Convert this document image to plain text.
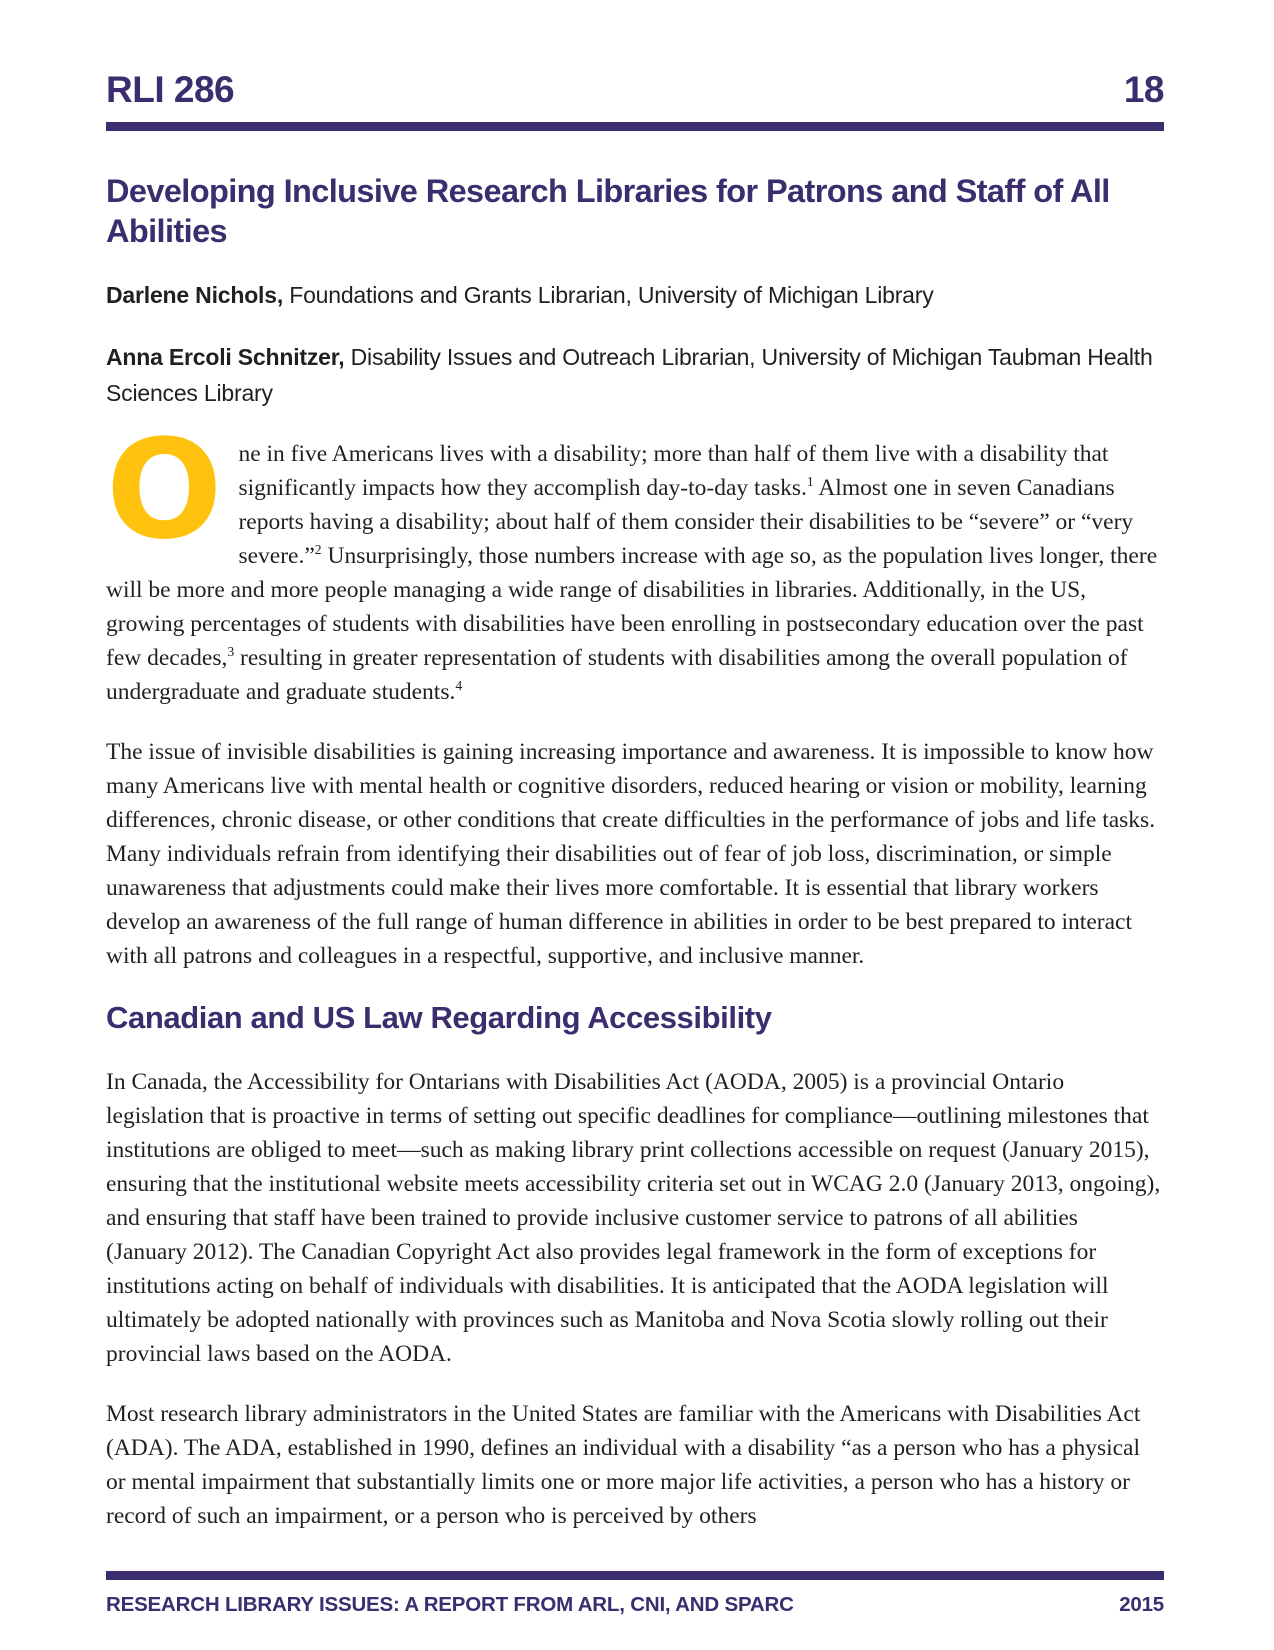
RLI 286	18
Developing Inclusive Research Libraries for Patrons and Staff of All Abilities

Darlene Nichols, Foundations and Grants Librarian, University of Michigan Library

Anna Ercoli Schnitzer, Disability Issues and Outreach Librarian, University of Michigan Taubman Health Sciences Library

One in five Americans lives with a disability; more than half of them live with a disability that significantly impacts how they accomplish day-to-day tasks.$^1$ Almost one in seven Canadians reports having a disability; about half of them consider their disabilities to be “severe” or “very severe.”$^2$ Unsurprisingly, those numbers increase with age so, as the population lives longer, there will be more and more people managing a wide range of disabilities in libraries. Additionally, in the US, growing percentages of students with disabilities have been enrolling in postsecondary education over the past few decades,$^3$ resulting in greater representation of students with disabilities among the overall population of undergraduate and graduate students.$^4$

The issue of invisible disabilities is gaining increasing importance and awareness. It is impossible to know how many Americans live with mental health or cognitive disorders, reduced hearing or vision or mobility, learning differences, chronic disease, or other conditions that create difficulties in the performance of jobs and life tasks. Many individuals refrain from identifying their disabilities out of fear of job loss, discrimination, or simple unawareness that adjustments could make their lives more comfortable. It is essential that library workers develop an awareness of the full range of human difference in abilities in order to be best prepared to interact with all patrons and colleagues in a respectful, supportive, and inclusive manner.

Canadian and US Law Regarding Accessibility

In Canada, the Accessibility for Ontarians with Disabilities Act (AODA, 2005) is a provincial Ontario legislation that is proactive in terms of setting out specific deadlines for compliance—outlining milestones that institutions are obliged to meet—such as making library print collections accessible on request (January 2015), ensuring that the institutional website meets accessibility criteria set out in WCAG 2.0 (January 2013, ongoing), and ensuring that staff have been trained to provide inclusive customer service to patrons of all abilities (January 2012). The Canadian Copyright Act also provides legal framework in the form of exceptions for institutions acting on behalf of individuals with disabilities. It is anticipated that the AODA legislation will ultimately be adopted nationally with provinces such as Manitoba and Nova Scotia slowly rolling out their provincial laws based on the AODA.

Most research library administrators in the United States are familiar with the Americans with Disabilities Act (ADA). The ADA, established in 1990, defines an individual with a disability “as a person who has a physical or mental impairment that substantially limits one or more major life activities, a person who has a history or record of such an impairment, or a person who is perceived by others

RESEARCH LIBRARY ISSUES: A REPORT FROM ARL, CNI, AND SPARC	2015
